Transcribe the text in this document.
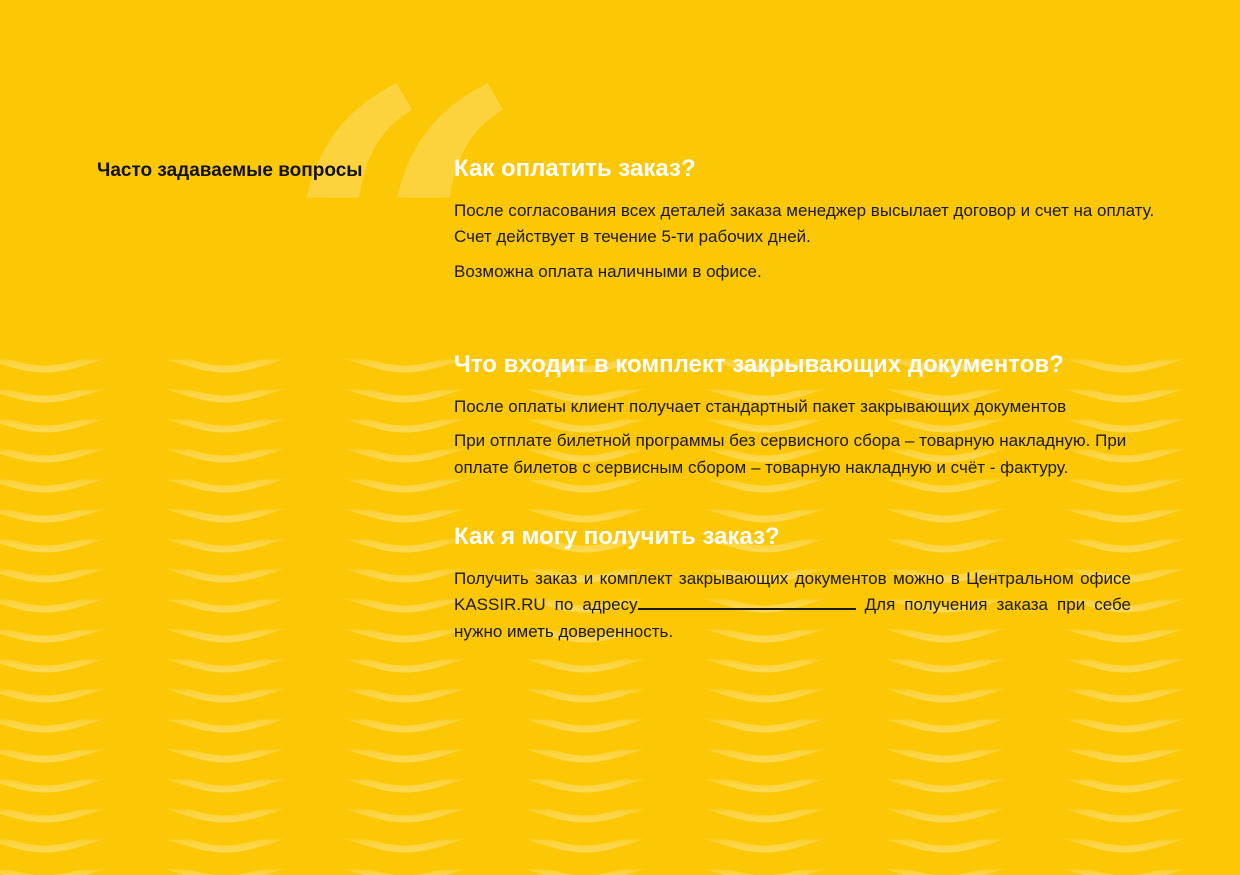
“
Часто задаваемые вопросы	Как оплатить заказ?

После согласования всех деталей заказа менеджер высылает договор и счет на оплату. Счет действует в течение 5-ти рабочих дней.

Возможна оплата наличными в офисе.

Что входит в комплект закрывающих документов?

После оплаты клиент получает стандартный пакет закрывающих документов

При отплате билетной программы без сервисного сбора – товарную накладную. При оплате билетов с сервисным сбором – товарную накладную и счёт - фактуру.

Как я могу получить заказ?

Получить заказ и комплект закрывающих документов можно в Центральном офисе KASSIR.RU по адресу	Для получения заказа при себе нужно иметь доверенность.
